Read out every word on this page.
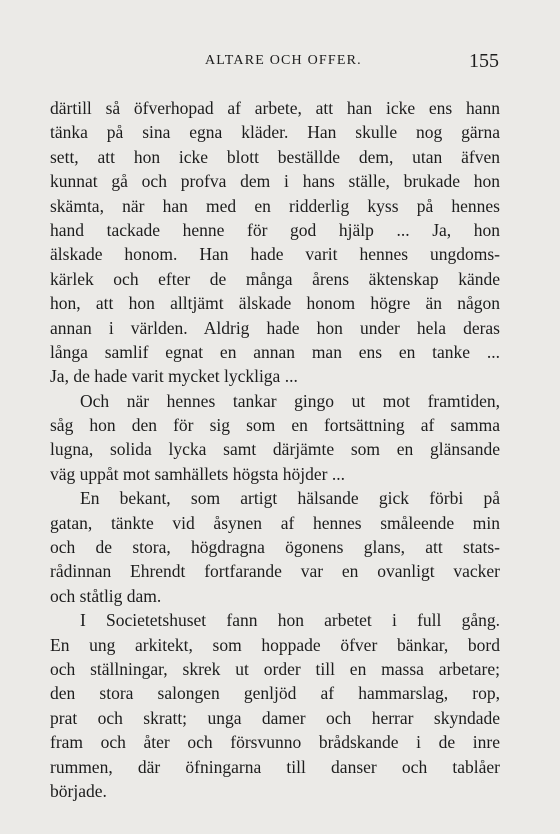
ALTARE OCH OFFER.	155
därtill så öfverhopad af arbete, att han icke ens hann
tänka på sina egna kläder. Han skulle nog gärna
sett, att hon icke blott beställde dem, utan äfven
kunnat gå och profva dem i hans ställe, brukade hon
skämta, när han med en ridderlig kyss på hennes
hand tackade henne för god hjälp ... Ja, hon
älskade honom. Han hade varit hennes ungdoms-
kärlek och efter de många årens äktenskap kände
hon, att hon alltjämt älskade honom högre än någon
annan i världen. Aldrig hade hon under hela deras
långa samlif egnat en annan man ens en tanke ...
Ja, de hade varit mycket lyckliga ...
Och när hennes tankar gingo ut mot framtiden,
såg hon den för sig som en fortsättning af samma
lugna, solida lycka samt därjämte som en glänsande
väg uppåt mot samhällets högsta höjder ...
En bekant, som artigt hälsande gick förbi på
gatan, tänkte vid åsynen af hennes småleende min
och de stora, högdragna ögonens glans, att stats-
rådinnan Ehrendt fortfarande var en ovanligt vacker
och ståtlig dam.
I Societetshuset fann hon arbetet i full gång.
En ung arkitekt, som hoppade öfver bänkar, bord
och ställningar, skrek ut order till en massa arbetare;
den stora salongen genljöd af hammarslag, rop,
prat och skratt; unga damer och herrar skyndade
fram och åter och försvunno brådskande i de inre
rummen, där öfningarna till danser och tablåer
började.
